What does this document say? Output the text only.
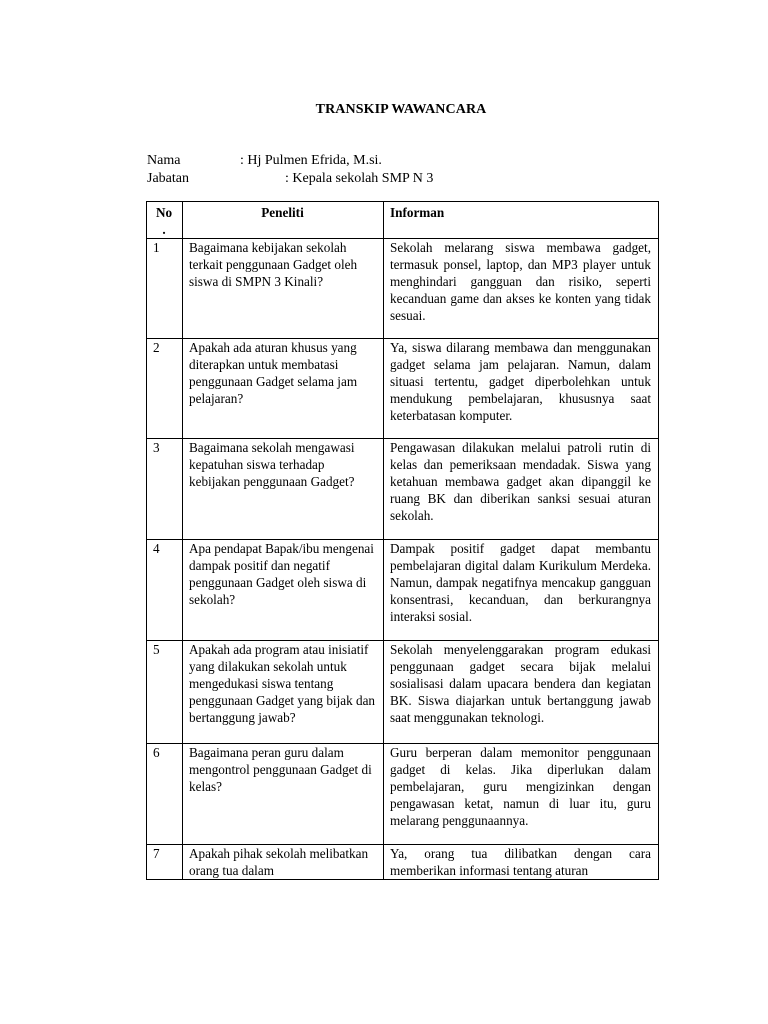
TRANSKIP WAWANCARA
Nama	: Hj Pulmen Efrida, M.si.
Jabatan	: Kepala sekolah SMP N 3
No .	Peneliti	Informan
1	Bagaimana kebijakan sekolah terkait penggunaan Gadget oleh siswa di SMPN 3 Kinali?	Sekolah melarang siswa membawa gadget, termasuk ponsel, laptop, dan MP3 player untuk menghindari gangguan dan risiko, seperti kecanduan game dan akses ke konten yang tidak sesuai.
2	Apakah ada aturan khusus yang diterapkan untuk membatasi penggunaan Gadget selama jam pelajaran?	Ya, siswa dilarang membawa dan menggunakan gadget selama jam pelajaran. Namun, dalam situasi tertentu, gadget diperbolehkan untuk mendukung pembelajaran, khususnya saat keterbatasan komputer.
3	Bagaimana sekolah mengawasi kepatuhan siswa terhadap kebijakan penggunaan Gadget?	Pengawasan dilakukan melalui patroli rutin di kelas dan pemeriksaan mendadak. Siswa yang ketahuan membawa gadget akan dipanggil ke ruang BK dan diberikan sanksi sesuai aturan sekolah.
4	Apa pendapat Bapak/ibu mengenai dampak positif dan negatif penggunaan Gadget oleh siswa di sekolah?	Dampak positif gadget dapat membantu pembelajaran digital dalam Kurikulum Merdeka. Namun, dampak negatifnya mencakup gangguan konsentrasi, kecanduan, dan berkurangnya interaksi sosial.
5	Apakah ada program atau inisiatif yang dilakukan sekolah untuk mengedukasi siswa tentang penggunaan Gadget yang bijak dan bertanggung jawab?	Sekolah menyelenggarakan program edukasi penggunaan gadget secara bijak melalui sosialisasi dalam upacara bendera dan kegiatan BK. Siswa diajarkan untuk bertanggung jawab saat menggunakan teknologi.
6	Bagaimana peran guru dalam mengontrol penggunaan Gadget di kelas?	Guru berperan dalam memonitor penggunaan gadget di kelas. Jika diperlukan dalam pembelajaran, guru mengizinkan dengan pengawasan ketat, namun di luar itu, guru melarang penggunaannya.
7	Apakah pihak sekolah melibatkan orang tua dalam	Ya, orang tua dilibatkan dengan cara memberikan informasi tentang aturan
